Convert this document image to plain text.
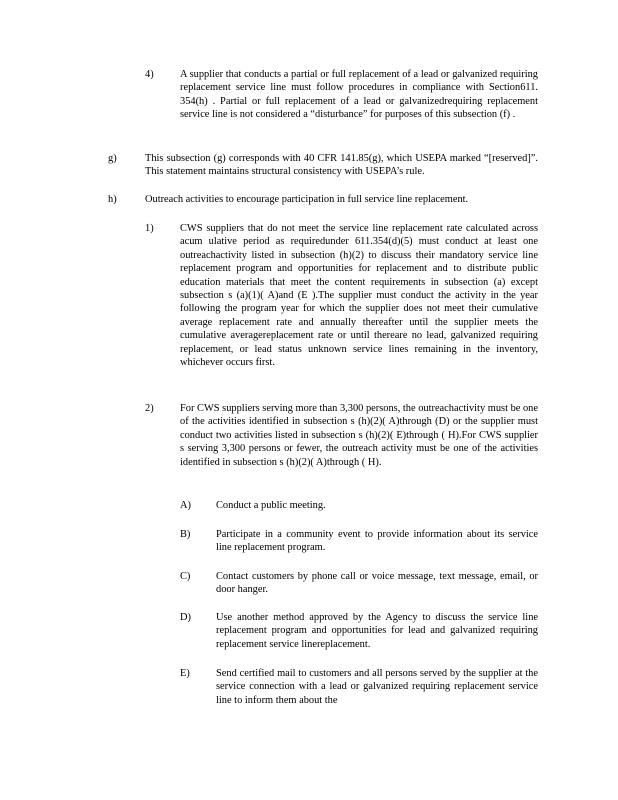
4)	A supplier that conducts a partial or full replacement of a lead or galvanized requiring replacement service line must follow procedures in compliance with Section611. 354(h) . Partial or full replacement of a lead or galvanizedrequiring replacement service line is not considered a “disturbance” for purposes of this subsection (f) .
g)	This subsection (g) corresponds with 40 CFR 141.85(g), which USEPA marked “[reserved]”. This statement maintains structural consistency with USEPA’s rule.
h)	Outreach activities to encourage participation in full service line replacement.
1)	CWS suppliers that do not meet the service line replacement rate calculated across acum ulative period as requiredunder 611.354(d)(5) must conduct at least one outreachactivity listed in subsection (h)(2) to discuss their mandatory service line replacement program and opportunities for replacement and to distribute public education materials that meet the content requirements in subsection (a) except subsection s (a)(1)( A)and (E ).The supplier must conduct the activity in the year following the program year for which the supplier does not meet their cumulative average replacement rate and annually thereafter until the supplier meets the cumulative averagereplacement rate or until thereare no lead, galvanized requiring replacement, or lead status unknown service lines remaining in the inventory, whichever occurs first.
2)	For CWS suppliers serving more than 3,300 persons, the outreachactivity must be one of the activities identified in subsection s (h)(2)( A)through (D) or the supplier must conduct two activities listed in subsection s (h)(2)( E)through ( H).For CWS supplier s serving 3,300 persons or fewer, the outreach activity must be one of the activities identified in subsection s (h)(2)( A)through ( H).
A) Conduct a public meeting.
B) Participate in a community event to provide information about its service line replacement program.
C) Contact customers by phone call or voice message, text message, email, or door hanger.
D) Use another method approved by the Agency to discuss the service line replacement program and opportunities for lead and galvanized requiring replacement service linereplacement.
E)	Send certified mail to customers and all persons served by the supplier at the service connection with a lead or galvanized requiring replacement service line to inform them about the
